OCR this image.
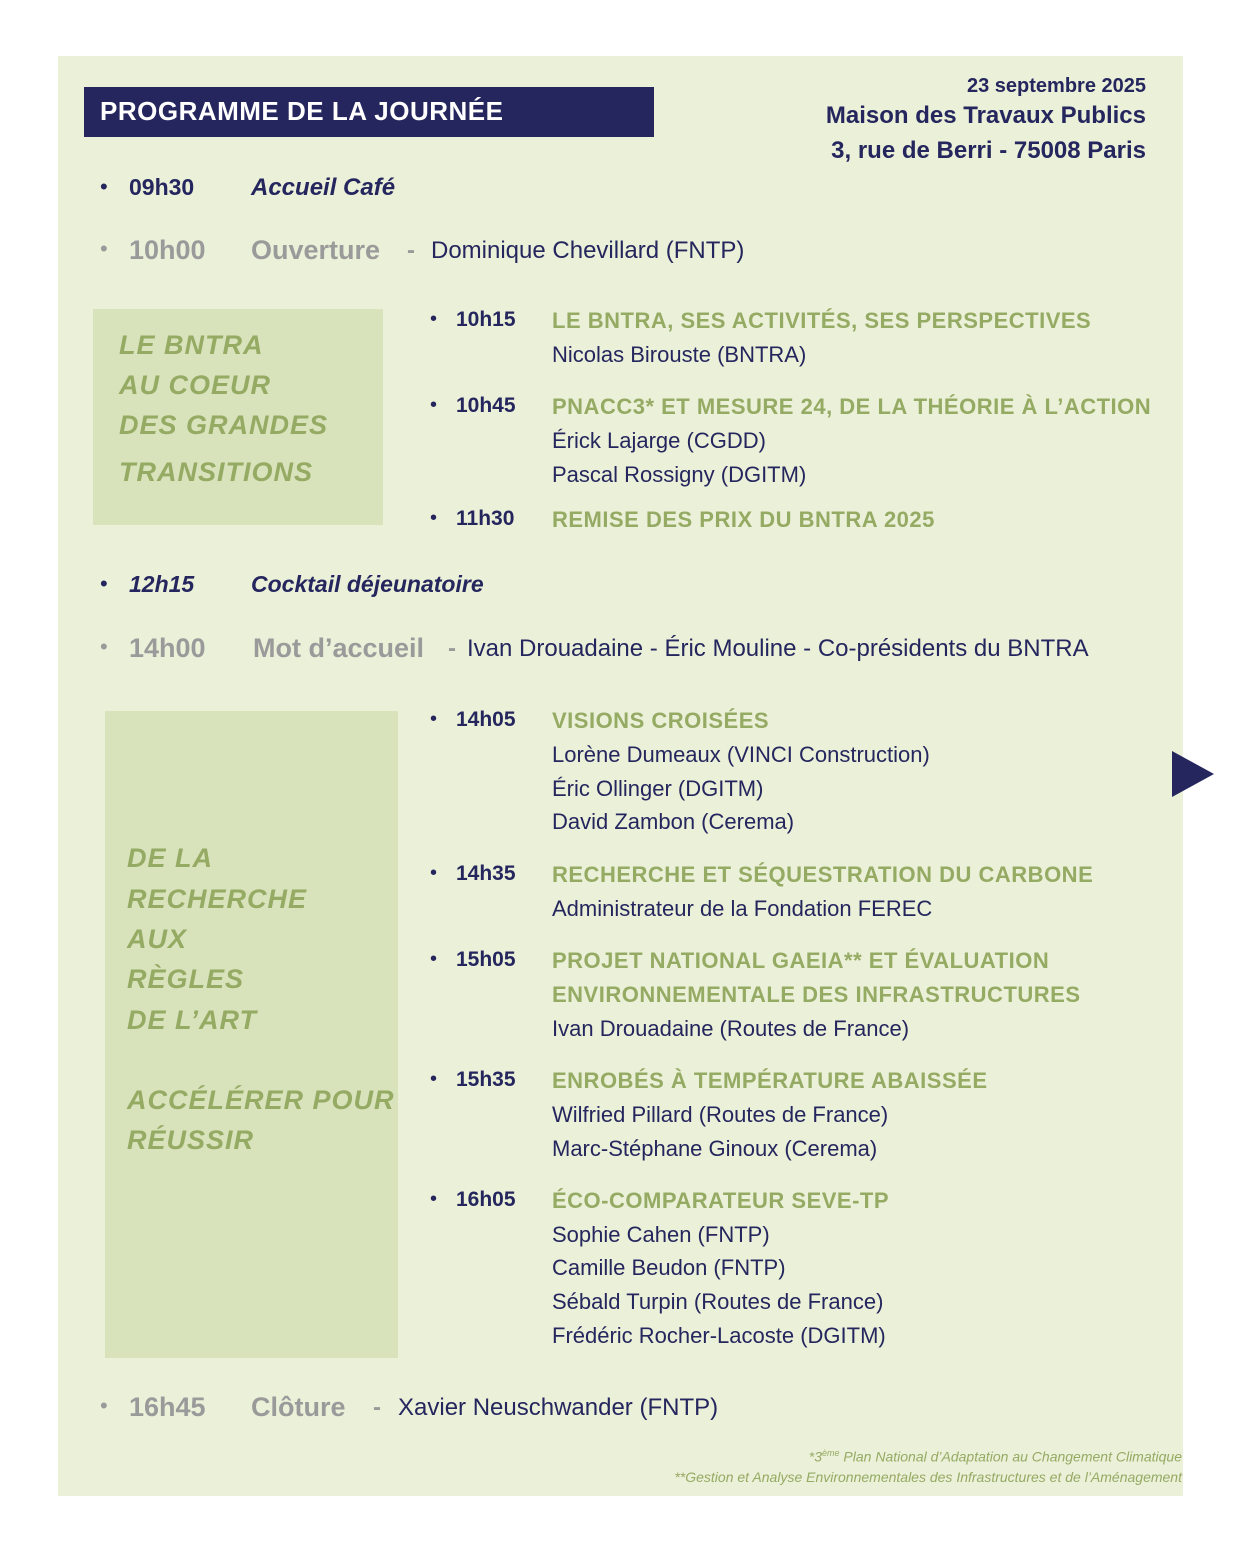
PROGRAMME DE LA JOURNÉE
23 septembre 2025
Maison des Travaux Publics
3, rue de Berri - 75008 Paris
• 09h30 Accueil Café
• 10h00 Ouverture - Dominique Chevillard (FNTP)
LE BNTRA
AU COEUR
DES GRANDES
TRANSITIONS
• 10h15 LE BNTRA, SES ACTIVITÉS, SES PERSPECTIVES
Nicolas Birouste (BNTRA)
• 10h45 PNACC3* ET MESURE 24, DE LA THÉORIE À L’ACTION
Érick Lajarge (CGDD)
Pascal Rossigny (DGITM)
• 11h30 REMISE DES PRIX DU BNTRA 2025
• 12h15 Cocktail déjeunatoire
• 14h00 Mot d’accueil - Ivan Drouadaine - Éric Mouline - Co-présidents du BNTRA
DE LA
RECHERCHE
AUX
RÈGLES
DE L’ART
ACCÉLÉRER POUR
RÉUSSIR
• 14h05 VISIONS CROISÉES
Lorène Dumeaux (VINCI Construction)
Éric Ollinger (DGITM)
David Zambon (Cerema)
• 14h35 RECHERCHE ET SÉQUESTRATION DU CARBONE
Administrateur de la Fondation FEREC
• 15h05 PROJET NATIONAL GAEIA** ET ÉVALUATION
ENVIRONNEMENTALE DES INFRASTRUCTURES
Ivan Drouadaine (Routes de France)
• 15h35 ENROBÉS À TEMPÉRATURE ABAISSÉE
Wilfried Pillard (Routes de France)
Marc-Stéphane Ginoux (Cerema)
• 16h05 ÉCO-COMPARATEUR SEVE-TP
Sophie Cahen (FNTP)
Camille Beudon (FNTP)
Sébald Turpin (Routes de France)
Frédéric Rocher-Lacoste (DGITM)
• 16h45 Clôture - Xavier Neuschwander (FNTP)
*3ème Plan National d’Adaptation au Changement Climatique
**Gestion et Analyse Environnementales des Infrastructures et de l’Aménagement
